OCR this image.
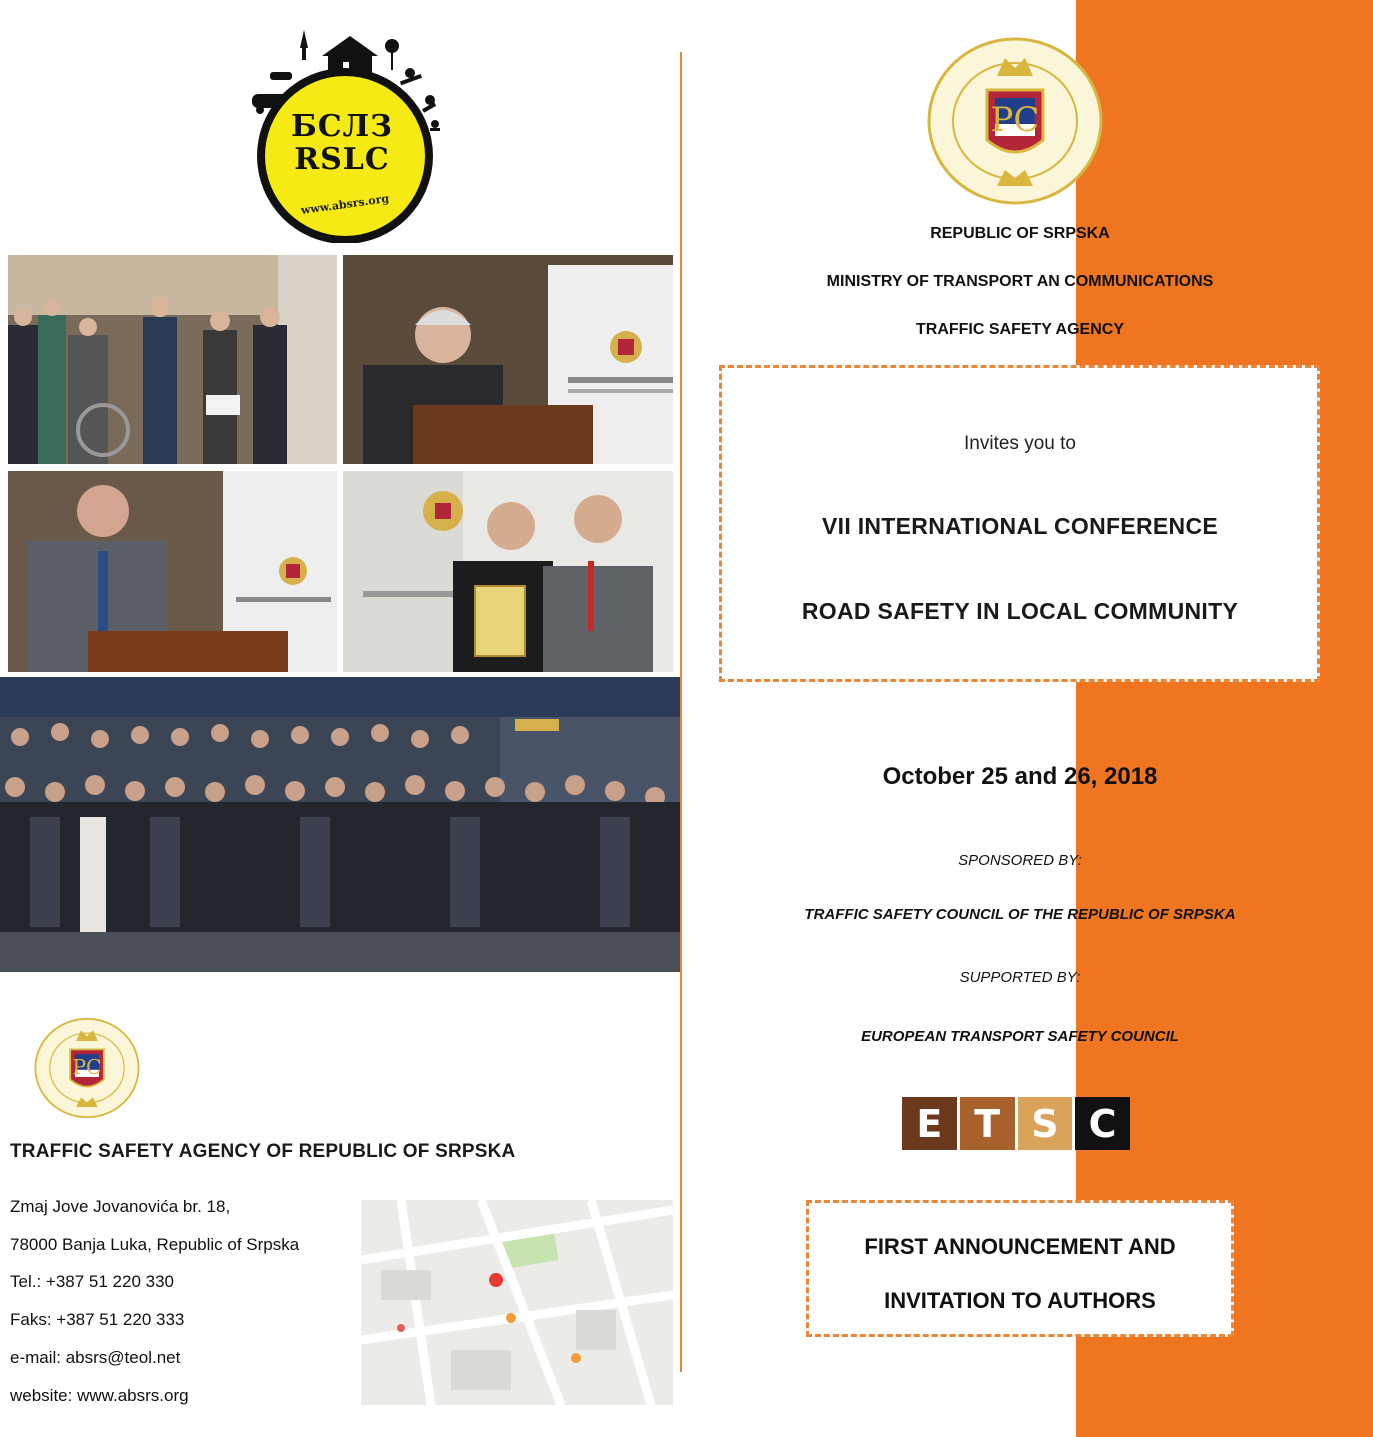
БСЛЗ
RSLC
www.absrs.org
PC
REPUBLIC OF SRPSKA
MINISTRY OF TRANSPORT AN COMMUNICATIONS
TRAFFIC SAFETY AGENCY
Invites you to
VII INTERNATIONAL CONFERENCE
ROAD SAFETY IN LOCAL COMMUNITY
October 25 and 26, 2018
SPONSORED BY:
TRAFFIC SAFETY COUNCIL OF THE REPUBLIC OF SRPSKA
SUPPORTED BY:
EUROPEAN TRANSPORT SAFETY COUNCIL
E T S C
FIRST ANNOUNCEMENT AND
INVITATION TO AUTHORS
PC
TRAFFIC SAFETY AGENCY OF REPUBLIC OF SRPSKA
Zmaj Jove Jovanovića br. 18,
78000 Banja Luka, Republic of Srpska
Tel.: +387 51 220 330
Faks: +387 51 220 333
e-mail: absrs@teol.net
website: www.absrs.org
